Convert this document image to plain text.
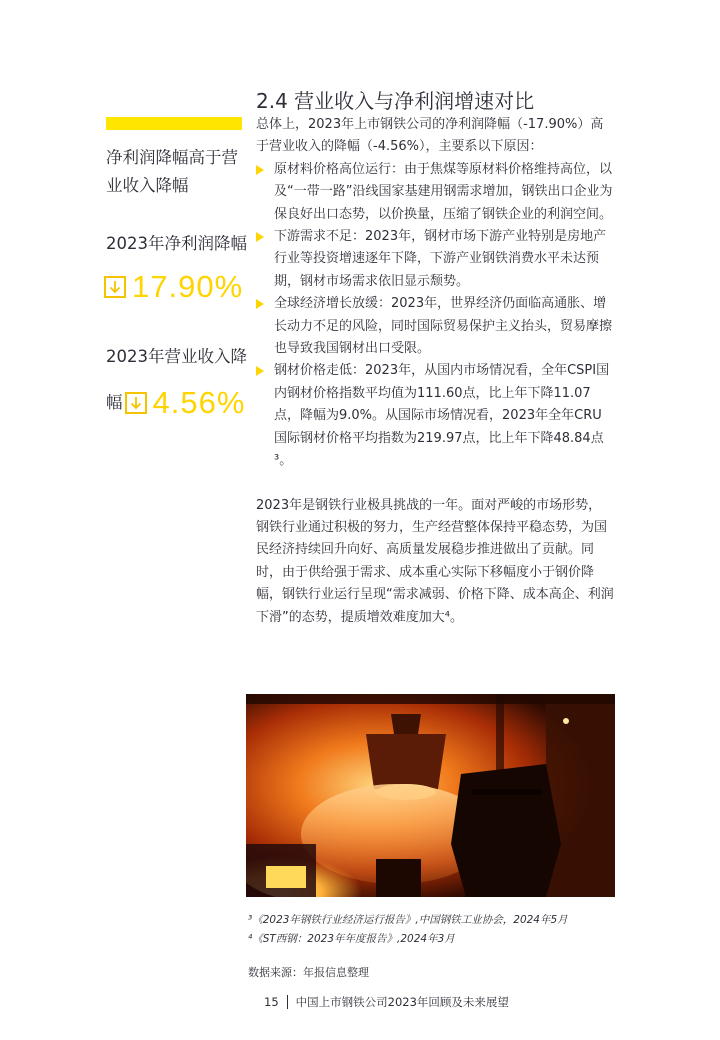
净利润降幅高于营业收入降幅
2023年净利润降幅
17.90%
2023年营业收入降
幅 4.56%
2.4 营业收入与净利润增速对比

总体上，2023年上市钢铁公司的净利润降幅（-17.90%）高于营业收入的降幅（-4.56%），主要系以下原因：

原材料价格高位运行：由于焦煤等原材料价格维持高位，以及“一带一路”沿线国家基建用钢需求增加，钢铁出口企业为保良好出口态势，以价换量，压缩了钢铁企业的利润空间。
下游需求不足：2023年，钢材市场下游产业特别是房地产行业等投资增速逐年下降，下游产业钢铁消费水平未达预期，钢材市场需求依旧显示颓势。
全球经济增长放缓：2023年，世界经济仍面临高通胀、增长动力不足的风险，同时国际贸易保护主义抬头，贸易摩擦也导致我国钢材出口受限。
钢材价格走低：2023年，从国内市场情况看，全年CSPI国内钢材价格指数平均值为111.60点，比上年下降11.07点，降幅为9.0%。从国际市场情况看，2023年全年CRU国际钢材价格平均指数为219.97点，比上年下降48.84点³。

2023年是钢铁行业极具挑战的一年。面对严峻的市场形势，钢铁行业通过积极的努力，生产经营整体保持平稳态势，为国民经济持续回升向好、高质量发展稳步推进做出了贡献。同时，由于供给强于需求、成本重心实际下移幅度小于钢价降幅，钢铁行业运行呈现“需求减弱、价格下降、成本高企、利润下滑”的态势，提质增效难度加大⁴。

³《2023年钢铁行业经济运行报告》,中国钢铁工业协会，2024年5月
⁴《ST西钢：2023年年度报告》,2024年3月
数据来源：年报信息整理
15 中国上市钢铁公司2023年回顾及未来展望
